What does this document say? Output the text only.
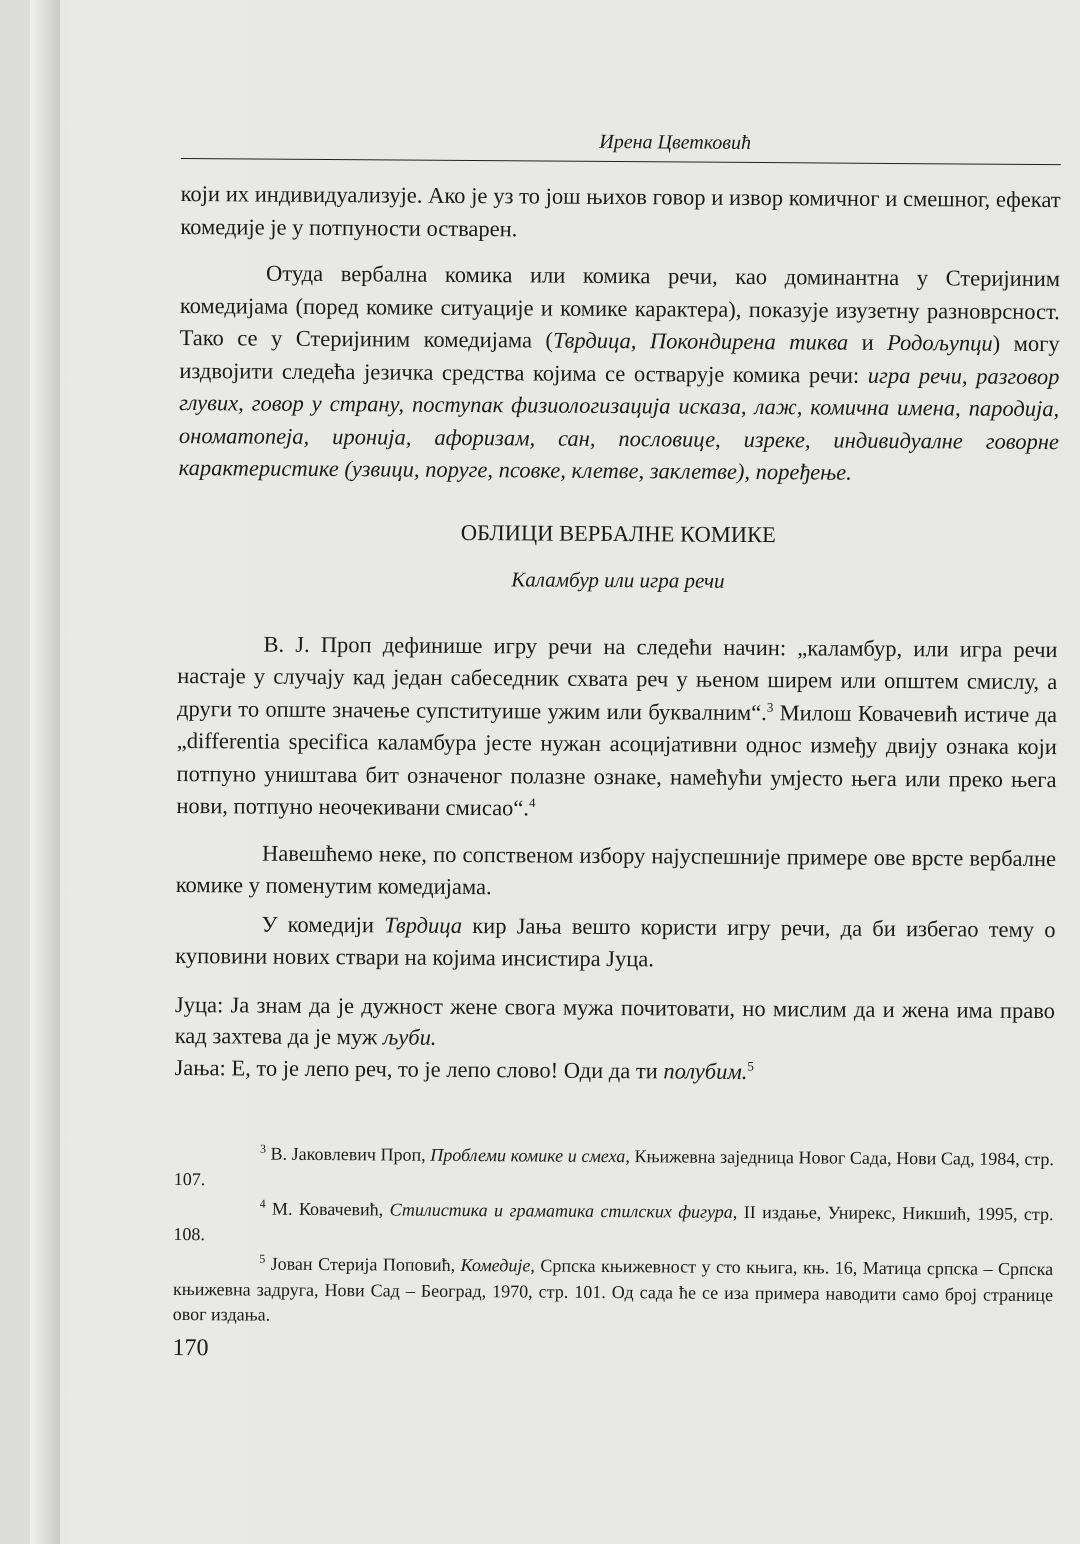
Ирена Цветковић

који их индивидуализује. Ако је уз то још њихов говор и извор комичног и смешног, ефекат комедије је у потпуности остварен.

Отуда вербална комика или комика речи, као доминантна у Стеријиним комедијама (поред комике ситуације и комике карактера), показује изузетну разноврсност. Тако се у Стеријиним комедијама (Тврдица, Покондирена тиква и Родољупци) могу издвојити следећа језичка средства којима се остварује комика речи: игра речи, разговор глувих, говор у страну, поступак физиологизација исказа, лаж, комична имена, пародија, ономатопеја, иронија, афоризам, сан, пословице, изреке, индивидуалне говорне карактеристике (узвици, поруге, псовке, клетве, заклетве), поређење.

ОБЛИЦИ ВЕРБАЛНЕ КОМИКЕ

Каламбур или игра речи

В. Ј. Проп дефинише игру речи на следећи начин: „каламбур, или игра речи настаје у случају кад један сабеседник схвата реч у њеном ширем или општем смислу, а други то опште значење супституише ужим или буквалним“.$^3$ Милош Ковачевић истиче да „differentia specifica каламбура јесте нужан асоцијативни однос између двију ознака који потпуно уништава бит означеног полазне ознаке, намећући умјесто њега или преко њега нови, потпуно неочекивани смисао“.$^4$

Навешћемо неке, по сопственом избору најуспешније примере ове врсте вербалне комике у поменутим комедијама.

У комедији Тврдица кир Јања вешто користи игру речи, да би избегао тему о куповини нових ствари на којима инсистира Јуца.

Јуца: Ја знам да је дужност жене свога мужа почитовати, но мислим да и жена има право кад захтева да је муж љуби.

Јања: Е, то је лепо реч, то је лепо слово! Оди да ти полубим.$^5$

$^3$ В. Јаковлевич Проп, Проблеми комике и смеха, Књижевна заједница Новог Сада, Нови Сад, 1984, стр. 107.

$^4$ М. Ковачевић, Стилистика и граматика стилских фигура, II издање, Унирекс, Никшић, 1995, стр. 108.

$^5$ Јован Стерија Поповић, Комедије, Српска књижевност у сто књига, књ. 16, Матица српска – Српска књижевна задруга, Нови Сад – Београд, 1970, стр. 101. Од сада ће се иза примера наводити само број странице овог издања.

170
